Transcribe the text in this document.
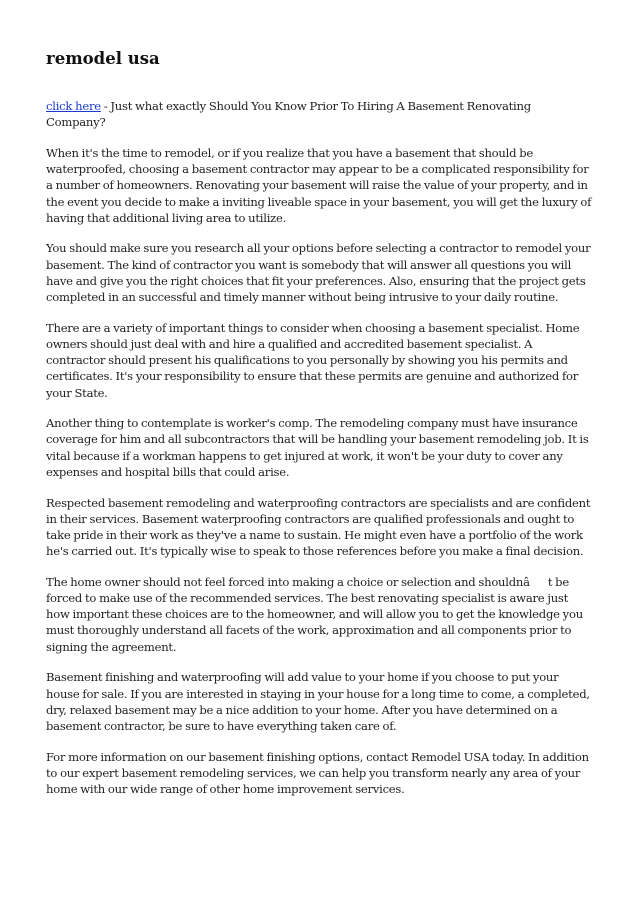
remodel usa

click here - Just what exactly Should You Know Prior To Hiring A Basement Renovating Company?

When it's the time to remodel, or if you realize that you have a basement that should be waterproofed, choosing a basement contractor may appear to be a complicated responsibility for a number of homeowners. Renovating your basement will raise the value of your property, and in the event you decide to make a inviting liveable space in your basement, you will get the luxury of having that additional living area to utilize.

You should make sure you research all your options before selecting a contractor to remodel your basement. The kind of contractor you want is somebody that will answer all questions you will have and give you the right choices that fit your preferences. Also, ensuring that the project gets completed in an successful and timely manner without being intrusive to your daily routine.

There are a variety of important things to consider when choosing a basement specialist. Home owners should just deal with and hire a qualified and accredited basement specialist. A contractor should present his qualifications to you personally by showing you his permits and certificates. It's your responsibility to ensure that these permits are genuine and authorized for your State.

Another thing to contemplate is worker's comp. The remodeling company must have insurance coverage for him and all subcontractors that will be handling your basement remodeling job. It is vital because if a workman happens to get injured at work, it won't be your duty to cover any expenses and hospital bills that could arise.

Respected basement remodeling and waterproofing contractors are specialists and are confident in their services. Basement waterproofing contractors are qualified professionals and ought to take pride in their work as they've a name to sustain. He might even have a portfolio of the work he's carried out. It's typically wise to speak to those references before you make a final decision.

The home owner should not feel forced into making a choice or selection and shouldnât be forced to make use of the recommended services. The best renovating specialist is aware just how important these choices are to the homeowner, and will allow you to get the knowledge you must thoroughly understand all facets of the work, approximation and all components prior to signing the agreement.

Basement finishing and waterproofing will add value to your home if you choose to put your house for sale. If you are interested in staying in your house for a long time to come, a completed, dry, relaxed basement may be a nice addition to your home. After you have determined on a basement contractor, be sure to have everything taken care of.

For more information on our basement finishing options, contact Remodel USA today. In addition to our expert basement remodeling services, we can help you transform nearly any area of your home with our wide range of other home improvement services.
